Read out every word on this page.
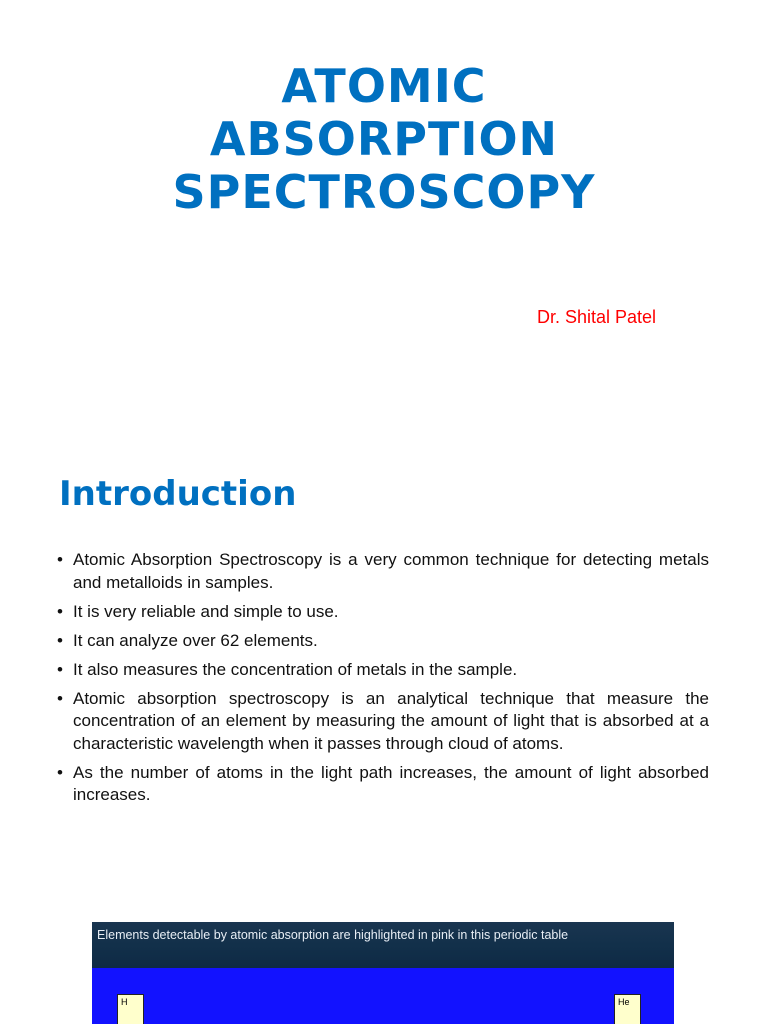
ATOMIC
ABSORPTION
SPECTROSCOPY
Dr. Shital Patel
Introduction
• Atomic Absorption Spectroscopy is a very common technique for detecting metals and metalloids in samples.
• It is very reliable and simple to use.
• It can analyze over 62 elements.
• It also measures the concentration of metals in the sample.
• Atomic absorption spectroscopy is an analytical technique that measure the concentration of an element by measuring the amount of light that is absorbed at a characteristic wavelength when it passes through cloud of atoms.
• As the number of atoms in the light path increases, the amount of light absorbed increases.
Elements detectable by atomic absorption are highlighted in pink in this periodic table
H	He
